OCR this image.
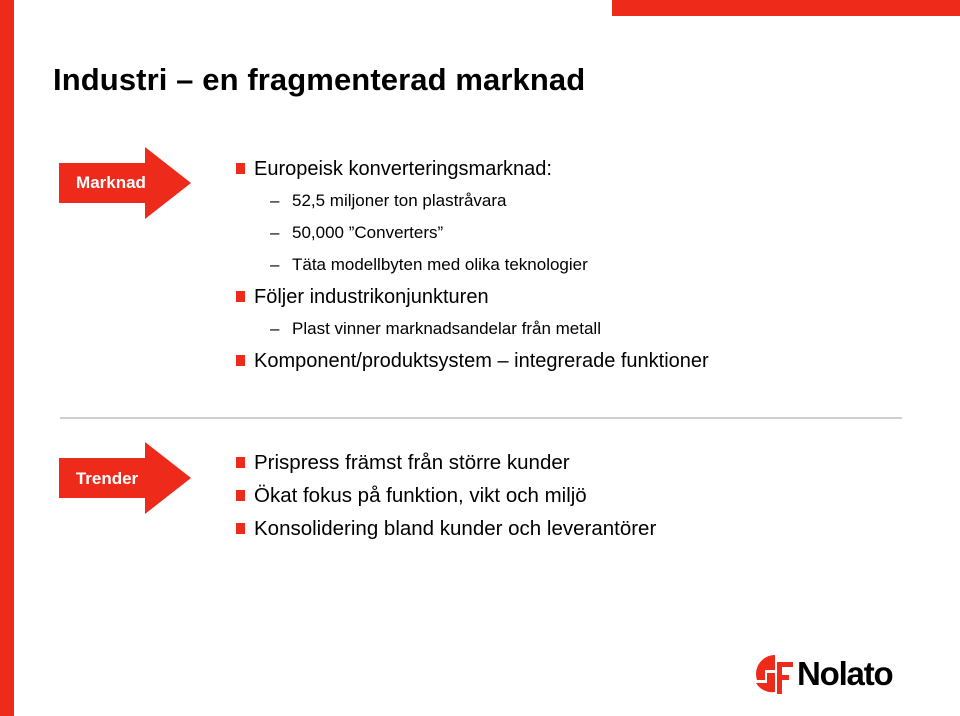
Industri – en fragmenterad marknad
Marknad
Europeisk konverteringsmarknad:
– 52,5 miljoner ton plastråvara
– 50,000 ”Converters”
– Täta modellbyten med olika teknologier
Följer industrikonjunkturen
– Plast vinner marknadsandelar från metall
Komponent/produktsystem – integrerade funktioner
Trender
Prispress främst från större kunder
Ökat fokus på funktion, vikt och miljö
Konsolidering bland kunder och leverantörer
Nolato
